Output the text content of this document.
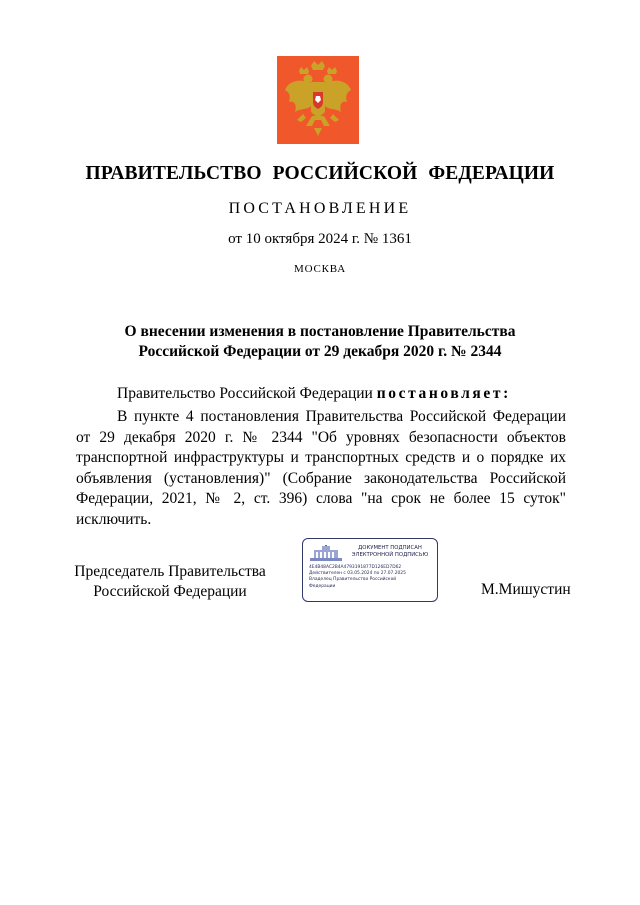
ПРАВИТЕЛЬСТВО РОССИЙСКОЙ ФЕДЕРАЦИИ
ПОСТАНОВЛЕНИЕ
от 10 октября 2024 г. № 1361
МОСКВА
О внесении изменения в постановление Правительства
Российской Федерации от 29 декабря 2020 г. № 2344
Правительство Российской Федерации постановляет:

В пункте 4 постановления Правительства Российской Федерации от 29 декабря 2020 г. № 2344 "Об уровнях безопасности объектов транспортной инфраструктуры и транспортных средств и о порядке их объявления (установления)" (Собрание законодательства Российской Федерации, 2021, № 2, ст. 396) слова "на срок не более 15 суток" исключить.

Председатель Правительства
Российской Федерации
ДОКУМЕНТ ПОДПИСАН
ЭЛЕКТРОННОЙ ПОДПИСЬЮ
4E4B48AC2B4A4793191877D126ED7D62
Действителен с 03.05.2024 по 27.07.2025
Владелец Правительство Российской
Федерации	М.Мишустин
